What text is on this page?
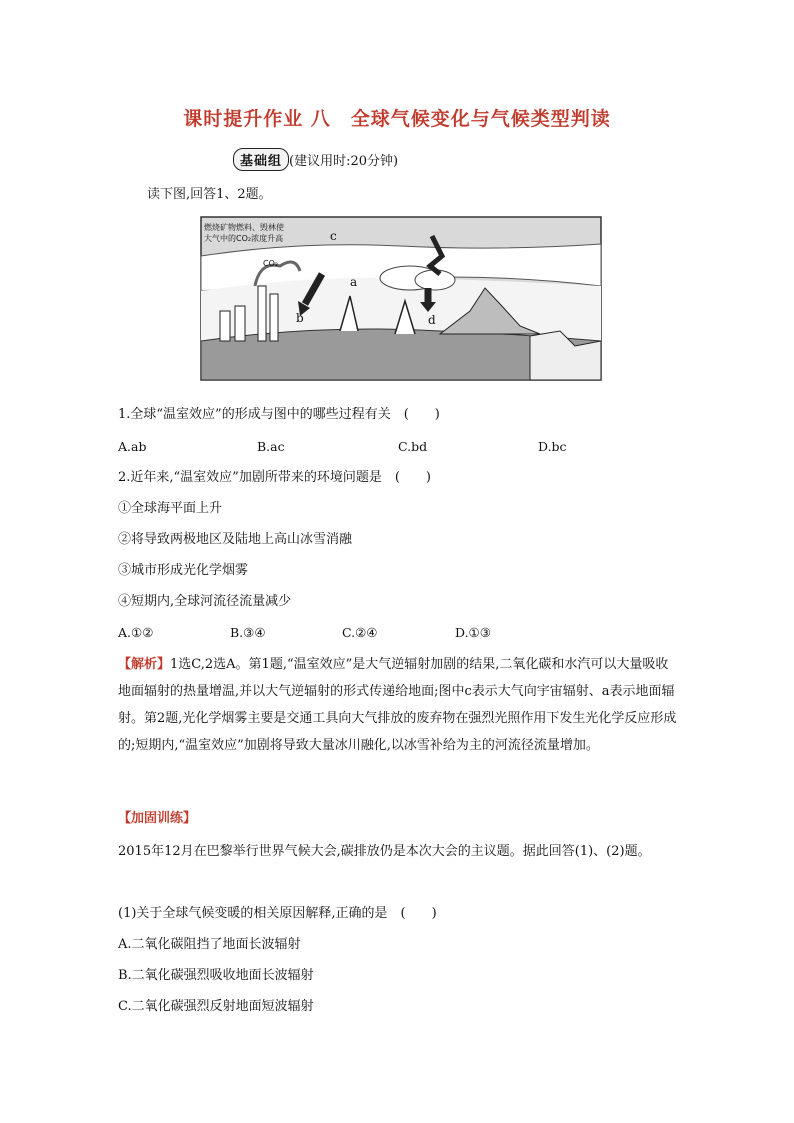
课时提升作业 八　全球气候变化与气候类型判读
基础组 (建议用时:20分钟)
读下图,回答1、2题。
燃烧矿物燃料、毁林使
大气中的CO₂浓度升高
CO₂
a
b
c
d
1.全球“温室效应”的形成与图中的哪些过程有关　(　　)
A.ab	B.ac	C.bd	D.bc
2.近年来,“温室效应”加剧所带来的环境问题是　(　　)
①全球海平面上升
②将导致两极地区及陆地上高山冰雪消融
③城市形成光化学烟雾
④短期内,全球河流径流量减少
A.①②	B.③④	C.②④	D.①③
【解析】1选C,2选A。第1题,“温室效应”是大气逆辐射加剧的结果,二氧化碳和水汽可以大量吸收地面辐射的热量增温,并以大气逆辐射的形式传递给地面;图中c表示大气向宇宙辐射、a表示地面辐射。第2题,光化学烟雾主要是交通工具向大气排放的废弃物在强烈光照作用下发生光化学反应形成的;短期内,“温室效应”加剧将导致大量冰川融化,以冰雪补给为主的河流径流量增加。
【加固训练】
2015年12月在巴黎举行世界气候大会,碳排放仍是本次大会的主议题。据此回答(1)、(2)题。
(1)关于全球气候变暖的相关原因解释,正确的是　(　　)
A.二氧化碳阻挡了地面长波辐射
B.二氧化碳强烈吸收地面长波辐射
C.二氧化碳强烈反射地面短波辐射
